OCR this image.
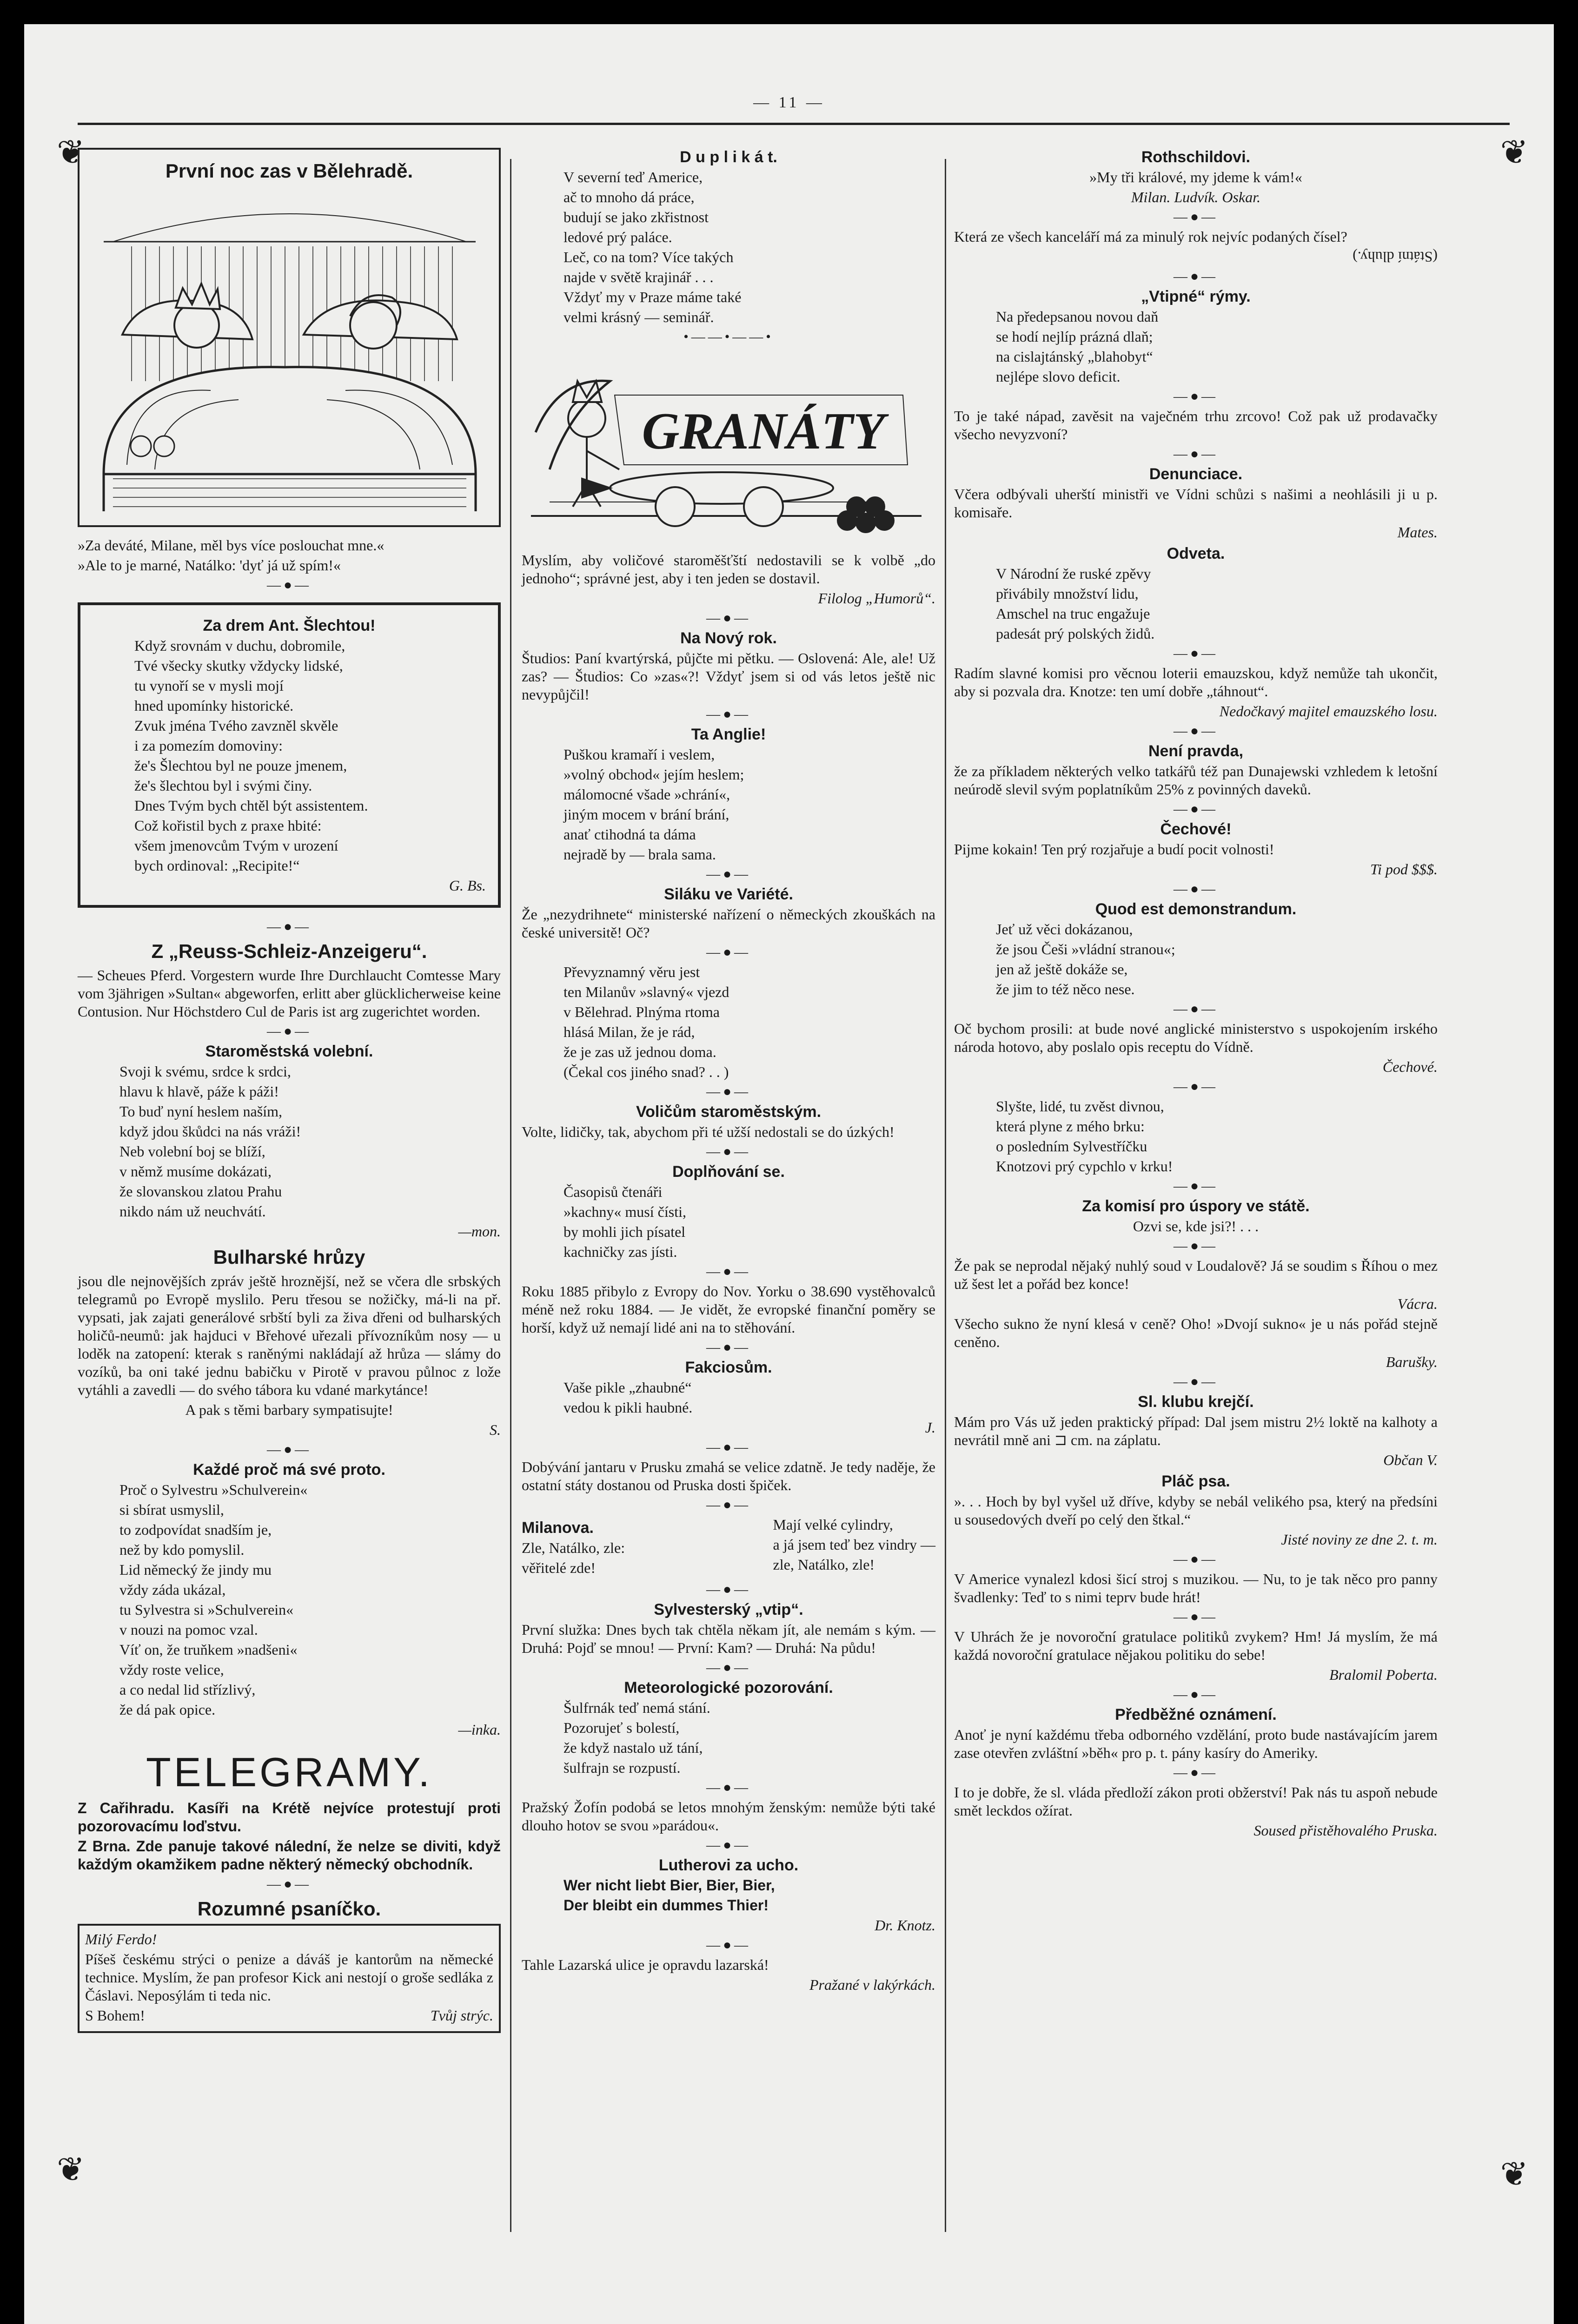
— 11 —
❦	❦
❦	❦
První noc zas v Bělehradě.

»Za deváté, Milane, měl bys více poslouchat mne.«

»Ale to je marné, Natálko: 'dyť já už spím!«

—●—
Za drem Ant. Šlechtou!

Když srovnám v duchu, dobromile,

Tvé všecky skutky vždycky lidské,

tu vynoří se v mysli mojí

hned upomínky historické.

Zvuk jména Tvého zavzněl skvěle

i za pomezím domoviny:

že's Šlechtou byl ne pouze jmenem,

že's šlechtou byl i svými činy.

Dnes Tvým bych chtěl být assistentem.

Což kořistil bych z praxe hbité:

všem jmenovcům Tvým v urození

bych ordinoval: „Recipite!“

G. Bs.

—●—
Z „Reuss-Schleiz-Anzeigeru“.

— Scheues Pferd. Vorgestern wurde Ihre Durchlaucht Comtesse Mary vom 3jährigen »Sultan« abgeworfen, erlitt aber glücklicherweise keine Contusion. Nur Höchstdero Cul de Paris ist arg zugerichtet worden.

—●—
Staroměstská volební.

Svoji k svému, srdce k srdci,

hlavu k hlavě, páže k páži!

To buď nyní heslem naším,

když jdou škůdci na nás vráži!

Neb volební boj se blíží,

v němž musíme dokázati,

že slovanskou zlatou Prahu

nikdo nám už neuchvátí.

—mon.

Bulharské hrůzy

jsou dle nejnovějších zpráv ještě hroznější, než se včera dle srbských telegramů po Evropě myslilo. Peru třesou se nožičky, má-li na př. vypsati, jak zajati generálové srbští byli za živa dřeni od bulharských holičů-neumů: jak hajduci v Břehové uřezali přívozníkům nosy — u loděk na zatopení: kterak s raněnými nakládají až hrůza — slámy do vozíků, ba oni také jednu babičku v Pirotě v pravou půlnoc z lože vytáhli a zavedli — do svého tábora ku vdané markytánce!

A pak s těmi barbary sympatisujte!

S.

—●—
Každé proč má své proto.

Proč o Sylvestru »Schulverein«

si sbírat usmyslil,

to zodpovídat snadším je,

než by kdo pomyslil.

Lid německý že jindy mu

vždy záda ukázal,

tu Sylvestra si »Schulverein«

v nouzi na pomoc vzal.

Víť on, že truňkem »nadšeni«

vždy roste velice,

a co nedal lid střízlivý,

že dá pak opice.

—inka.

TELEGRAMY.

Z Cařihradu. Kasíři na Krétě nejvíce protestují proti pozorovacímu loďstvu.

Z Brna. Zde panuje takové nálední, že nelze se diviti, když každým okamžikem padne některý německý obchodník.

—●—
Rozumné psaníčko.

Milý Ferdo!

Píšeš českému strýci o penize a dáváš je kantorům na německé technice. Myslím, že pan profesor Kick ani nestojí o groše sedláka z Čáslavi. Neposýlám ti teda nic.

S Bohem!	Tvůj strýc.

D u p l i k á t.

V severní teď Americe,

ač to mnoho dá práce,

budují se jako zkřistnost

ledové prý paláce.

Leč, co na tom? Více takých

najde v světě krajinář . . .

Vždyť my v Praze máme také

velmi krásný — seminář.

•——•——•
GRANÁTY

Myslím, aby voličové staroměšťští nedostavili se k volbě „do jednoho“; správné jest, aby i ten jeden se dostavil.

Filolog „Humorů“.

—●—
Na Nový rok.

Študios: Paní kvartýrská, půjčte mi pětku. — Oslovená: Ale, ale! Už zas? — Študios: Co »zas«?! Vždyť jsem si od vás letos ještě nic nevypůjčil!

—●—
Ta Anglie!

Puškou kramaří i veslem,

»volný obchod« jejím heslem;

málomocné všade »chrání«,

jiným mocem v brání brání,

anať ctihodná ta dáma

nejradě by — brala sama.

—●—
Siláku ve Variété.

Že „nezydrihnete“ ministerské nařízení o německých zkouškách na české universitě! Oč?

—●—

Převyznamný věru jest

ten Milanův »slavný« vjezd

v Bělehrad. Plnýma rtoma

hlásá Milan, že je rád,

že je zas už jednou doma.

(Čekal cos jiného snad? . . )

—●—
Voličům staroměstským.

Volte, lidičky, tak, abychom při té užší nedostali se do úzkých!

—●—
Doplňování se.

Časopisů čtenáři

»kachny« musí čísti,

by mohli jich písatel

kachničky zas jísti.

—●—

Roku 1885 přibylo z Evropy do Nov. Yorku o 38.690 vystěhovalců méně než roku 1884. — Je vidět, že evropské finanční poměry se horší, když už nemají lidé ani na to stěhování.

—●—
Fakciosům.

Vaše pikle „zhaubné“

vedou k pikli haubné.

J.

—●—

Dobývání jantaru v Prusku zmahá se velice zdatně. Je tedy naděje, že ostatní státy dostanou od Pruska dosti špiček.

—●—
Milanova.

Zle, Natálko, zle:

věřitelé zde!

Mají velké cylindry,

a já jsem teď bez vindry —

zle, Natálko, zle!

—●—
Sylvesterský „vtip“.

První služka: Dnes bych tak chtěla někam jít, ale nemám s kým. — Druhá: Pojď se mnou! — První: Kam? — Druhá: Na půdu!

—●—
Meteorologické pozorování.

Šulfrnák teď nemá stání.

Pozorujeť s bolestí,

že když nastalo už tání,

šulfrajn se rozpustí.

—●—

Pražský Žofín podobá se letos mnohým ženským: nemůže býti také dlouho hotov se svou »parádou«.

—●—
Lutherovi za ucho.

Wer nicht liebt Bier, Bier, Bier,

Der bleibt ein dummes Thier!

Dr. Knotz.

—●—

Tahle Lazarská ulice je opravdu lazarská!

Pražané v lakýrkách.

Rothschildovi.

»My tři králové, my jdeme k vám!«

Milan. Ludvík. Oskar.

—●—

Která ze všech kanceláří má za minulý rok nejvíc podaných čísel?

(Státní dluhy.)

—●—
„Vtipné“ rýmy.

Na předepsanou novou daň

se hodí nejlíp prázná dlaň;

na cislajtánský „blahobyt“

nejlépe slovo deficit.

—●—

To je také nápad, zavěsit na vaječném trhu zrcovo! Což pak už prodavačky všecho nevyzvoní?

—●—
Denunciace.

Včera odbývali uherští ministři ve Vídni schůzi s našimi a neohlásili ji u p. komisaře.

Mates.

Odveta.

V Národní že ruské zpěvy

přivábily množství lidu,

Amschel na truc engažuje

padesát prý polských židů.

—●—

Radím slavné komisi pro věcnou loterii emauzskou, když nemůže tah ukončit, aby si pozvala dra. Knotze: ten umí dobře „táhnout“.

Nedočkavý majitel emauzského losu.

—●—
Není pravda,

že za příkladem některých velko tatkářů též pan Dunajewski vzhledem k letošní neúrodě slevil svým poplatníkům 25% z povinných daveků.

—●—
Čechové!

Pijme kokain! Ten prý rozjařuje a budí pocit volnosti!

Ti pod $$$.

—●—
Quod est demonstrandum.

Jeť už věci dokázanou,

že jsou Češi »vládní stranou«;

jen až ještě dokáže se,

že jim to též něco nese.

—●—

Oč bychom prosili: at bude nové anglické ministerstvo s uspokojením irského národa hotovo, aby poslalo opis receptu do Vídně.

Čechové.

—●—

Slyšte, lidé, tu zvěst divnou,

která plyne z mého brku:

o posledním Sylvestříčku

Knotzovi prý cypchlo v krku!

—●—
Za komisí pro úspory ve státě.

Ozvi se, kde jsi?! . . .

—●—

Že pak se neprodal nějaký nuhlý soud v Loudalově? Já se soudim s Říhou o mez už šest let a pořád bez konce!

Vácra.

Všecho sukno že nyní klesá v ceně? Oho! »Dvojí sukno« je u nás pořád stejně ceněno.

Barušky.

—●—
Sl. klubu krejčí.

Mám pro Vás už jeden praktický případ: Dal jsem mistru 2½ loktě na kalhoty a nevrátil mně ani ⊐ cm. na záplatu.

Občan V.

Pláč psa.

». . . Hoch by byl vyšel už dříve, kdyby se nebál velikého psa, který na předsíni u sousedových dveří po celý den štkal.“

Jisté noviny ze dne 2. t. m.

—●—

V Americe vynalezl kdosi šicí stroj s muzikou. — Nu, to je tak něco pro panny švadlenky: Teď to s nimi teprv bude hrát!

—●—

V Uhrách že je novoroční gratulace politiků zvykem? Hm! Já myslím, že má každá novoroční gratulace nějakou politiku do sebe!

Bralomil Poberta.

—●—
Předběžné oznámení.

Anoť je nyní každému třeba odborného vzdělání, proto bude nastávajícím jarem zase otevřen zvláštní »běh« pro p. t. pány kasíry do Ameriky.

—●—

I to je dobře, že sl. vláda předloží zákon proti obžerství! Pak nás tu aspoň nebude smět leckdos ožírat.

Soused přistěhovalého Pruska.
